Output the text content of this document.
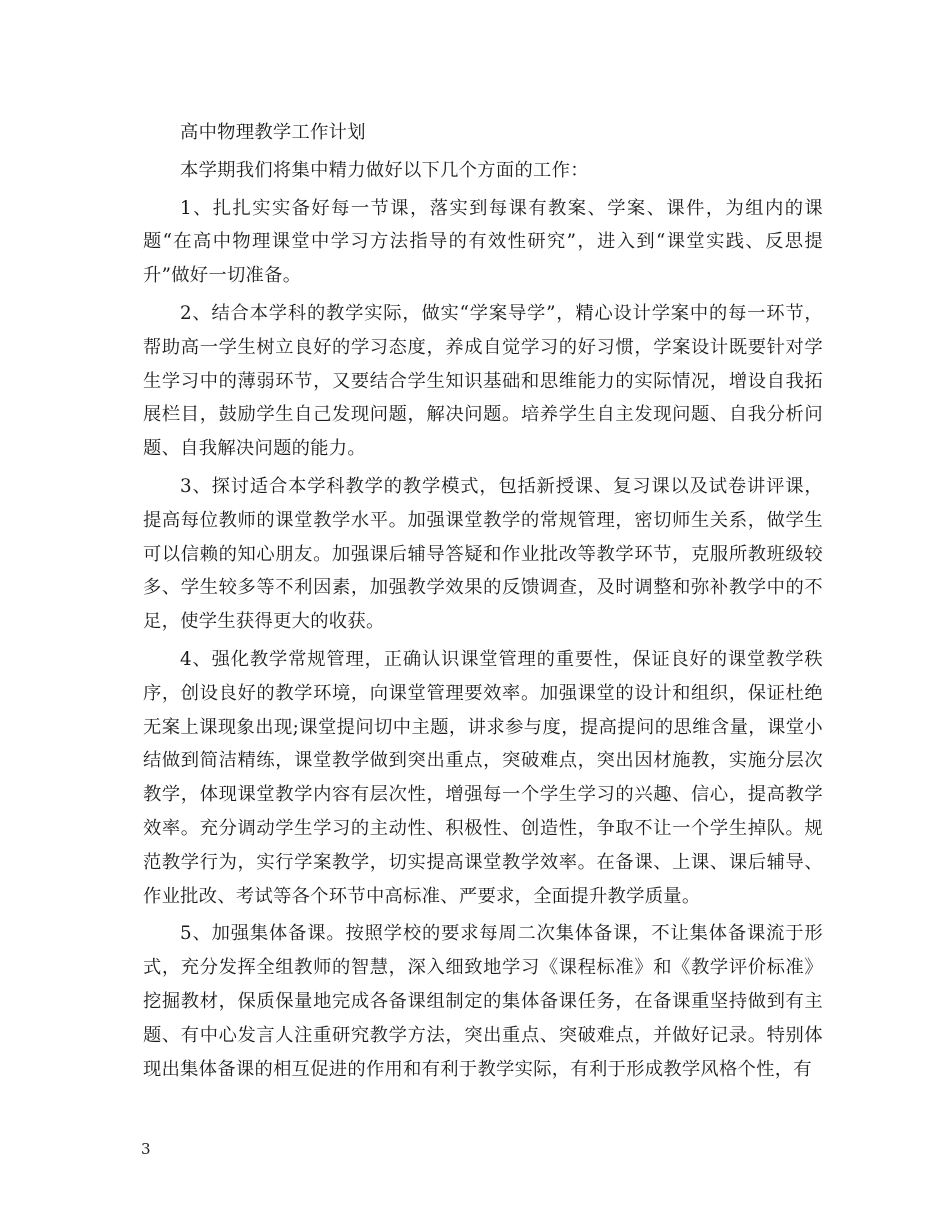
高中物理教学工作计划

本学期我们将集中精力做好以下几个方面的工作：

1、扎扎实实备好每一节课，落实到每课有教案、学案、课件，为组内的课题“在高中物理课堂中学习方法指导的有效性研究”，进入到“课堂实践、反思提升”做好一切准备。

2、结合本学科的教学实际，做实“学案导学”，精心设计学案中的每一环节，帮助高一学生树立良好的学习态度，养成自觉学习的好习惯，学案设计既要针对学生学习中的薄弱环节，又要结合学生知识基础和思维能力的实际情况，增设自我拓展栏目，鼓励学生自己发现问题，解决问题。培养学生自主发现问题、自我分析问题、自我解决问题的能力。

3、探讨适合本学科教学的教学模式，包括新授课、复习课以及试卷讲评课，提高每位教师的课堂教学水平。加强课堂教学的常规管理，密切师生关系，做学生可以信赖的知心朋友。加强课后辅导答疑和作业批改等教学环节，克服所教班级较多、学生较多等不利因素，加强教学效果的反馈调查，及时调整和弥补教学中的不足，使学生获得更大的收获。

4、强化教学常规管理，正确认识课堂管理的重要性，保证良好的课堂教学秩序，创设良好的教学环境，向课堂管理要效率。加强课堂的设计和组织，保证杜绝无案上课现象出现;课堂提问切中主题，讲求参与度，提高提问的思维含量，课堂小结做到简洁精练，课堂教学做到突出重点，突破难点，突出因材施教，实施分层次教学，体现课堂教学内容有层次性，增强每一个学生学习的兴趣、信心，提高教学效率。充分调动学生学习的主动性、积极性、创造性，争取不让一个学生掉队。规范教学行为，实行学案教学，切实提高课堂教学效率。在备课、上课、课后辅导、作业批改、考试等各个环节中高标准、严要求，全面提升教学质量。

5、加强集体备课。按照学校的要求每周二次集体备课，不让集体备课流于形式，充分发挥全组教师的智慧，深入细致地学习《课程标准》和《教学评价标准》挖掘教材，保质保量地完成各备课组制定的集体备课任务，在备课重坚持做到有主题、有中心发言人注重研究教学方法，突出重点、突破难点，并做好记录。特别体现出集体备课的相互促进的作用和有利于教学实际，有利于形成教学风格个性，有

3
